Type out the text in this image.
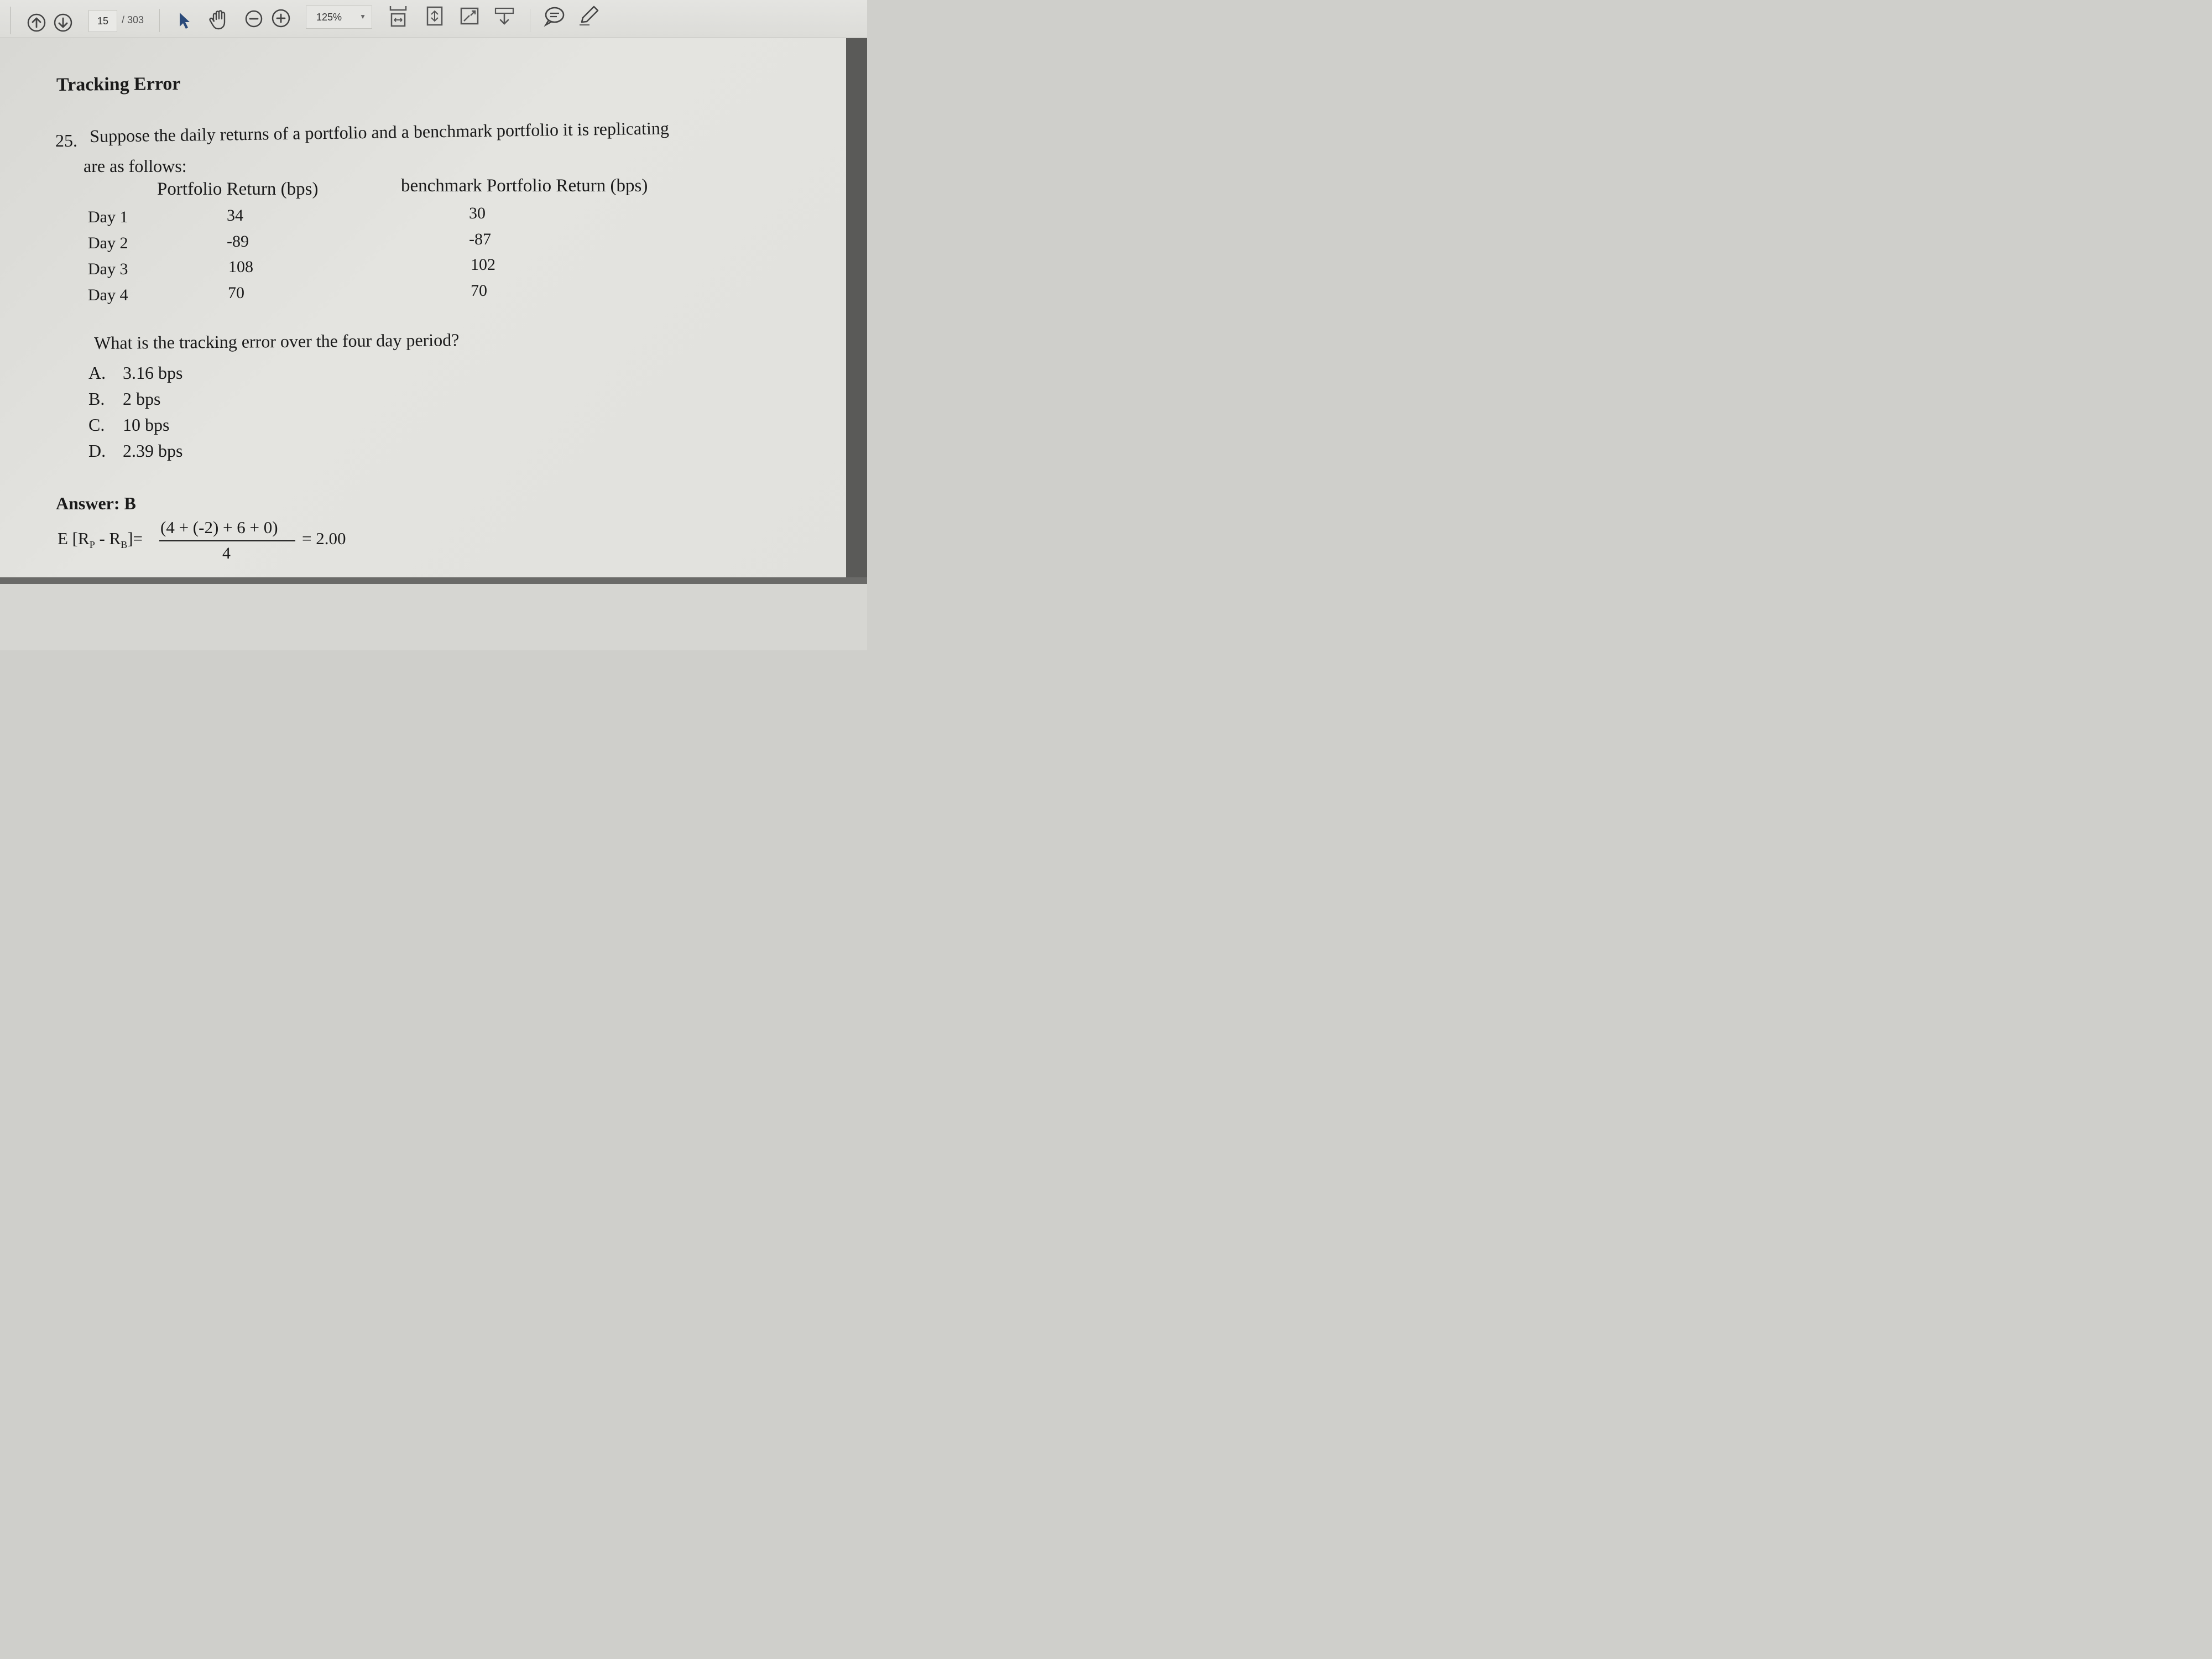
15	/ 303	125%	▼
Tracking Error
25. Suppose the daily returns of a portfolio and a benchmark portfolio it is replicating
are as follows:
Portfolio Return (bps)	benchmark Portfolio Return (bps)
Day 1	34	30
Day 2	-89	-87
Day 3	108	102
Day 4	70	70
What is the tracking error over the four day period?
A. 3.16 bps
B. 2 bps
C. 10 bps
D. 2.39 bps
Answer: B
E $[R_P - R_B]=$
(4 + (-2) + 6 + 0)
4
= 2.00
